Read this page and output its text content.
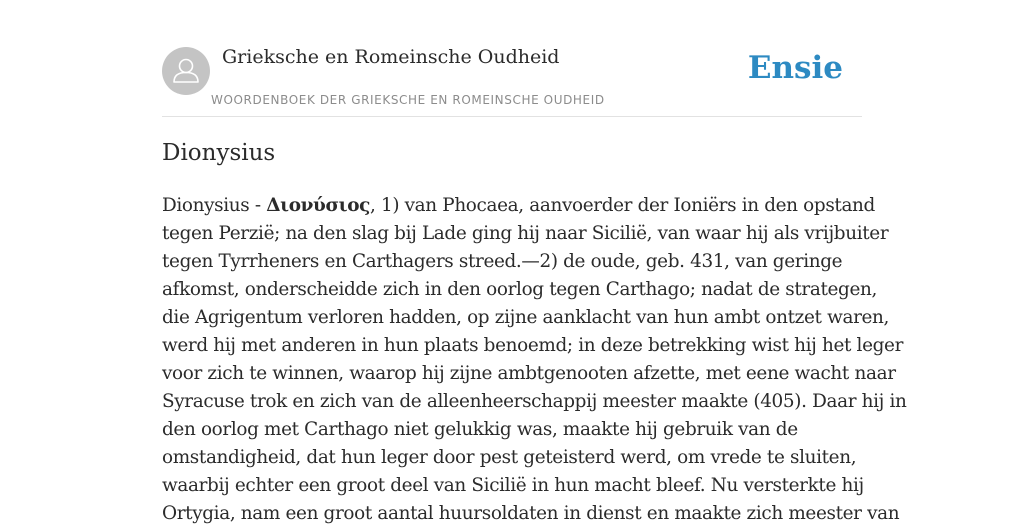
Grieksche en Romeinsche Oudheid
WOORDENBOEK DER GRIEKSCHE EN ROMEINSCHE OUDHEID
Ensie
Dionysius

Dionysius - Διονύσιος, 1) van Phocaea, aanvoerder der Ioniërs in den opstand
tegen Perzië; na den slag bij Lade ging hij naar Sicilië, van waar hij als vrijbuiter
tegen Tyrrheners en Carthagers streed.—2) de oude, geb. 431, van geringe
afkomst, onderscheidde zich in den oorlog tegen Carthago; nadat de strategen,
die Agrigentum verloren hadden, op zijne aanklacht van hun ambt ontzet waren,
werd hij met anderen in hun plaats benoemd; in deze betrekking wist hij het leger
voor zich te winnen, waarop hij zijne ambtgenooten afzette, met eene wacht naar
Syracuse trok en zich van de alleenheerschappij meester maakte (405). Daar hij in
den oorlog met Carthago niet gelukkig was, maakte hij gebruik van de
omstandigheid, dat hun leger door pest geteisterd werd, om vrede te sluiten,
waarbij echter een groot deel van Sicilië in hun macht bleef. Nu versterkte hij
Ortygia, nam een groot aantal huursoldaten in dienst en maakte zich meester van
